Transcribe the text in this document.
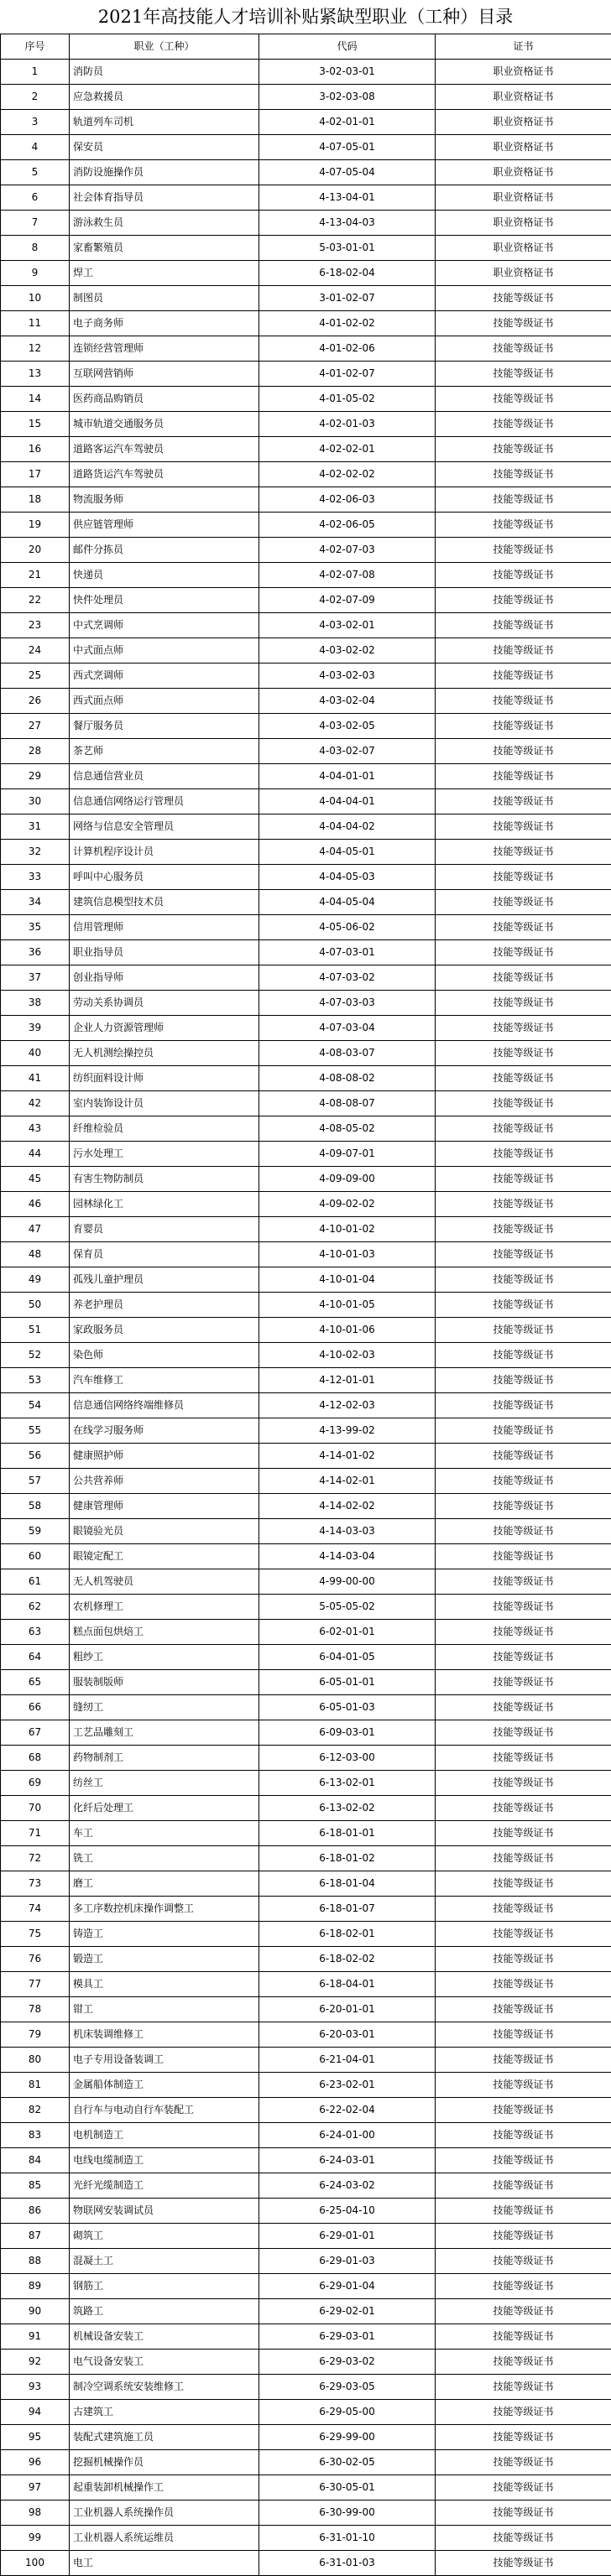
2021年高技能人才培训补贴紧缺型职业（工种）目录
序号	职业（工种）	代码	证书
1	消防员	3-02-03-01	职业资格证书
2	应急救援员	3-02-03-08	职业资格证书
3	轨道列车司机	4-02-01-01	职业资格证书
4	保安员	4-07-05-01	职业资格证书
5	消防设施操作员	4-07-05-04	职业资格证书
6	社会体育指导员	4-13-04-01	职业资格证书
7	游泳救生员	4-13-04-03	职业资格证书
8	家畜繁殖员	5-03-01-01	职业资格证书
9	焊工	6-18-02-04	职业资格证书
10	制图员	3-01-02-07	技能等级证书
11	电子商务师	4-01-02-02	技能等级证书
12	连锁经营管理师	4-01-02-06	技能等级证书
13	互联网营销师	4-01-02-07	技能等级证书
14	医药商品购销员	4-01-05-02	技能等级证书
15	城市轨道交通服务员	4-02-01-03	技能等级证书
16	道路客运汽车驾驶员	4-02-02-01	技能等级证书
17	道路货运汽车驾驶员	4-02-02-02	技能等级证书
18	物流服务师	4-02-06-03	技能等级证书
19	供应链管理师	4-02-06-05	技能等级证书
20	邮件分拣员	4-02-07-03	技能等级证书
21	快递员	4-02-07-08	技能等级证书
22	快件处理员	4-02-07-09	技能等级证书
23	中式烹调师	4-03-02-01	技能等级证书
24	中式面点师	4-03-02-02	技能等级证书
25	西式烹调师	4-03-02-03	技能等级证书
26	西式面点师	4-03-02-04	技能等级证书
27	餐厅服务员	4-03-02-05	技能等级证书
28	茶艺师	4-03-02-07	技能等级证书
29	信息通信营业员	4-04-01-01	技能等级证书
30	信息通信网络运行管理员	4-04-04-01	技能等级证书
31	网络与信息安全管理员	4-04-04-02	技能等级证书
32	计算机程序设计员	4-04-05-01	技能等级证书
33	呼叫中心服务员	4-04-05-03	技能等级证书
34	建筑信息模型技术员	4-04-05-04	技能等级证书
35	信用管理师	4-05-06-02	技能等级证书
36	职业指导员	4-07-03-01	技能等级证书
37	创业指导师	4-07-03-02	技能等级证书
38	劳动关系协调员	4-07-03-03	技能等级证书
39	企业人力资源管理师	4-07-03-04	技能等级证书
40	无人机测绘操控员	4-08-03-07	技能等级证书
41	纺织面料设计师	4-08-08-02	技能等级证书
42	室内装饰设计员	4-08-08-07	技能等级证书
43	纤维检验员	4-08-05-02	技能等级证书
44	污水处理工	4-09-07-01	技能等级证书
45	有害生物防制员	4-09-09-00	技能等级证书
46	园林绿化工	4-09-02-02	技能等级证书
47	育婴员	4-10-01-02	技能等级证书
48	保育员	4-10-01-03	技能等级证书
49	孤残儿童护理员	4-10-01-04	技能等级证书
50	养老护理员	4-10-01-05	技能等级证书
51	家政服务员	4-10-01-06	技能等级证书
52	染色师	4-10-02-03	技能等级证书
53	汽车维修工	4-12-01-01	技能等级证书
54	信息通信网络终端维修员	4-12-02-03	技能等级证书
55	在线学习服务师	4-13-99-02	技能等级证书
56	健康照护师	4-14-01-02	技能等级证书
57	公共营养师	4-14-02-01	技能等级证书
58	健康管理师	4-14-02-02	技能等级证书
59	眼镜验光员	4-14-03-03	技能等级证书
60	眼镜定配工	4-14-03-04	技能等级证书
61	无人机驾驶员	4-99-00-00	技能等级证书
62	农机修理工	5-05-05-02	技能等级证书
63	糕点面包烘焙工	6-02-01-01	技能等级证书
64	粗纱工	6-04-01-05	技能等级证书
65	服装制版师	6-05-01-01	技能等级证书
66	缝纫工	6-05-01-03	技能等级证书
67	工艺品雕刻工	6-09-03-01	技能等级证书
68	药物制剂工	6-12-03-00	技能等级证书
69	纺丝工	6-13-02-01	技能等级证书
70	化纤后处理工	6-13-02-02	技能等级证书
71	车工	6-18-01-01	技能等级证书
72	铣工	6-18-01-02	技能等级证书
73	磨工	6-18-01-04	技能等级证书
74	多工序数控机床操作调整工	6-18-01-07	技能等级证书
75	铸造工	6-18-02-01	技能等级证书
76	锻造工	6-18-02-02	技能等级证书
77	模具工	6-18-04-01	技能等级证书
78	钳工	6-20-01-01	技能等级证书
79	机床装调维修工	6-20-03-01	技能等级证书
80	电子专用设备装调工	6-21-04-01	技能等级证书
81	金属船体制造工	6-23-02-01	技能等级证书
82	自行车与电动自行车装配工	6-22-02-04	技能等级证书
83	电机制造工	6-24-01-00	技能等级证书
84	电线电缆制造工	6-24-03-01	技能等级证书
85	光纤光缆制造工	6-24-03-02	技能等级证书
86	物联网安装调试员	6-25-04-10	技能等级证书
87	砌筑工	6-29-01-01	技能等级证书
88	混凝土工	6-29-01-03	技能等级证书
89	钢筋工	6-29-01-04	技能等级证书
90	筑路工	6-29-02-01	技能等级证书
91	机械设备安装工	6-29-03-01	技能等级证书
92	电气设备安装工	6-29-03-02	技能等级证书
93	制冷空调系统安装维修工	6-29-03-05	技能等级证书
94	古建筑工	6-29-05-00	技能等级证书
95	装配式建筑施工员	6-29-99-00	技能等级证书
96	挖掘机械操作员	6-30-02-05	技能等级证书
97	起重装卸机械操作工	6-30-05-01	技能等级证书
98	工业机器人系统操作员	6-30-99-00	技能等级证书
99	工业机器人系统运维员	6-31-01-10	技能等级证书
100	电工	6-31-01-03	技能等级证书
